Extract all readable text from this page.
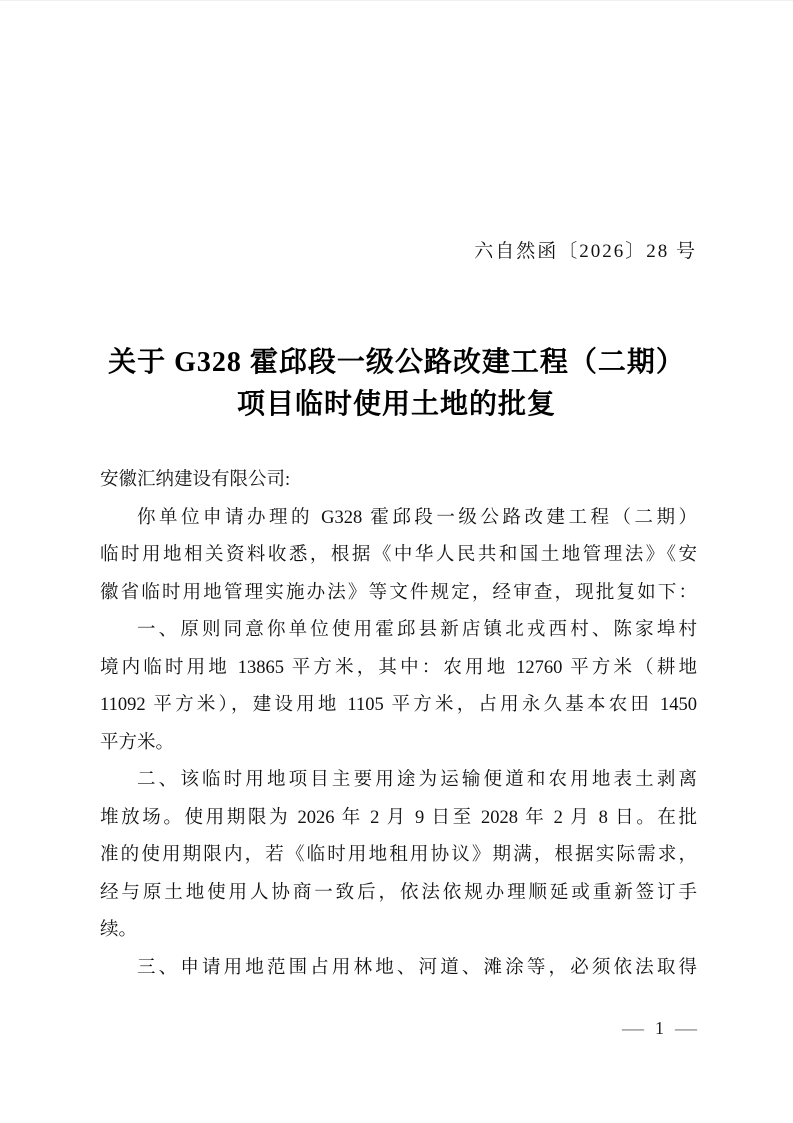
六自然函〔2026〕28 号
关于 G328 霍邱段一级公路改建工程（二期）
项目临时使用土地的批复
安徽汇纳建设有限公司:
你单位申请办理的 G328 霍邱段一级公路改建工程（二期）
临时用地相关资料收悉，根据《中华人民共和国土地管理法》《安
徽省临时用地管理实施办法》等文件规定，经审查，现批复如下：
一、原则同意你单位使用霍邱县新店镇北戎西村、陈家埠村
境内临时用地 13865 平方米，其中：农用地 12760 平方米（耕地
11092 平方米），建设用地 1105 平方米，占用永久基本农田 1450
平方米。
二、该临时用地项目主要用途为运输便道和农用地表土剥离
堆放场。使用期限为 2026 年 2 月 9 日至 2028 年 2 月 8 日。在批
准的使用期限内，若《临时用地租用协议》期满，根据实际需求，
经与原土地使用人协商一致后，依法依规办理顺延或重新签订手
续。
三、申请用地范围占用林地、河道、滩涂等，必须依法取得
— 1 —
